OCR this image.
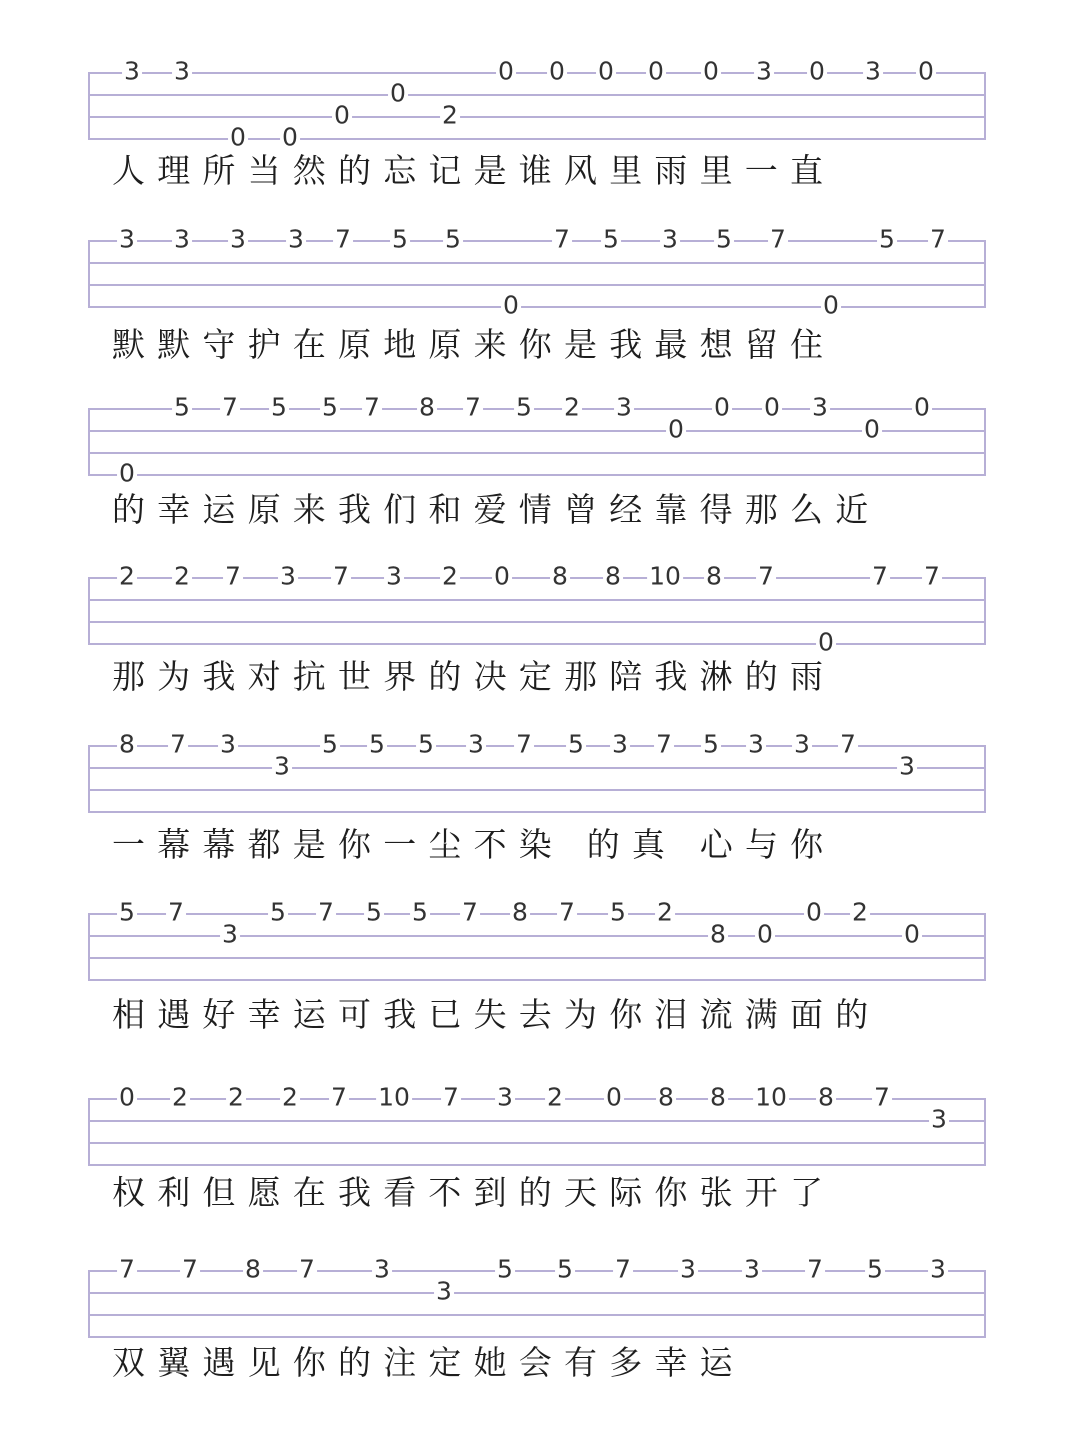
3 3
0 0
0
0
2
0 0 0 0 0 3 0 3 0
人理所当然的忘记是谁风里雨里一直
3 3 3 3 7 5 5
0
7 5 3 5 7
0
5 7
默默守护在原地原来你是我最想留住
0
5 7 5 5 7 8 7 5 2 3
0
0 0 3
0
0
的幸运原来我们和爱情曾经靠得那么近
2 2 7 3 7 3 2 0 8 8 10 8 7
0
7 7
那为我对抗世界的决定那陪我淋的雨
8 7 3
3
5 5 5 3 7 5 3 7 5 3 3 7
3
一幕幕都是你一尘不染 的真 心与你
5 7
3
5 7 5 5 7 8 7 5 2
8 0
0 2
0
相遇好幸运可我已失去为你泪流满面的
0 2 2 2 7 10 7 3 2 0 8 8 10 8 7
3
权利但愿在我看不到的天际你张开了
7 7 8 7 3
3
5 5 7 3 3 7 5 3
双翼遇见你的注定她会有多幸运
